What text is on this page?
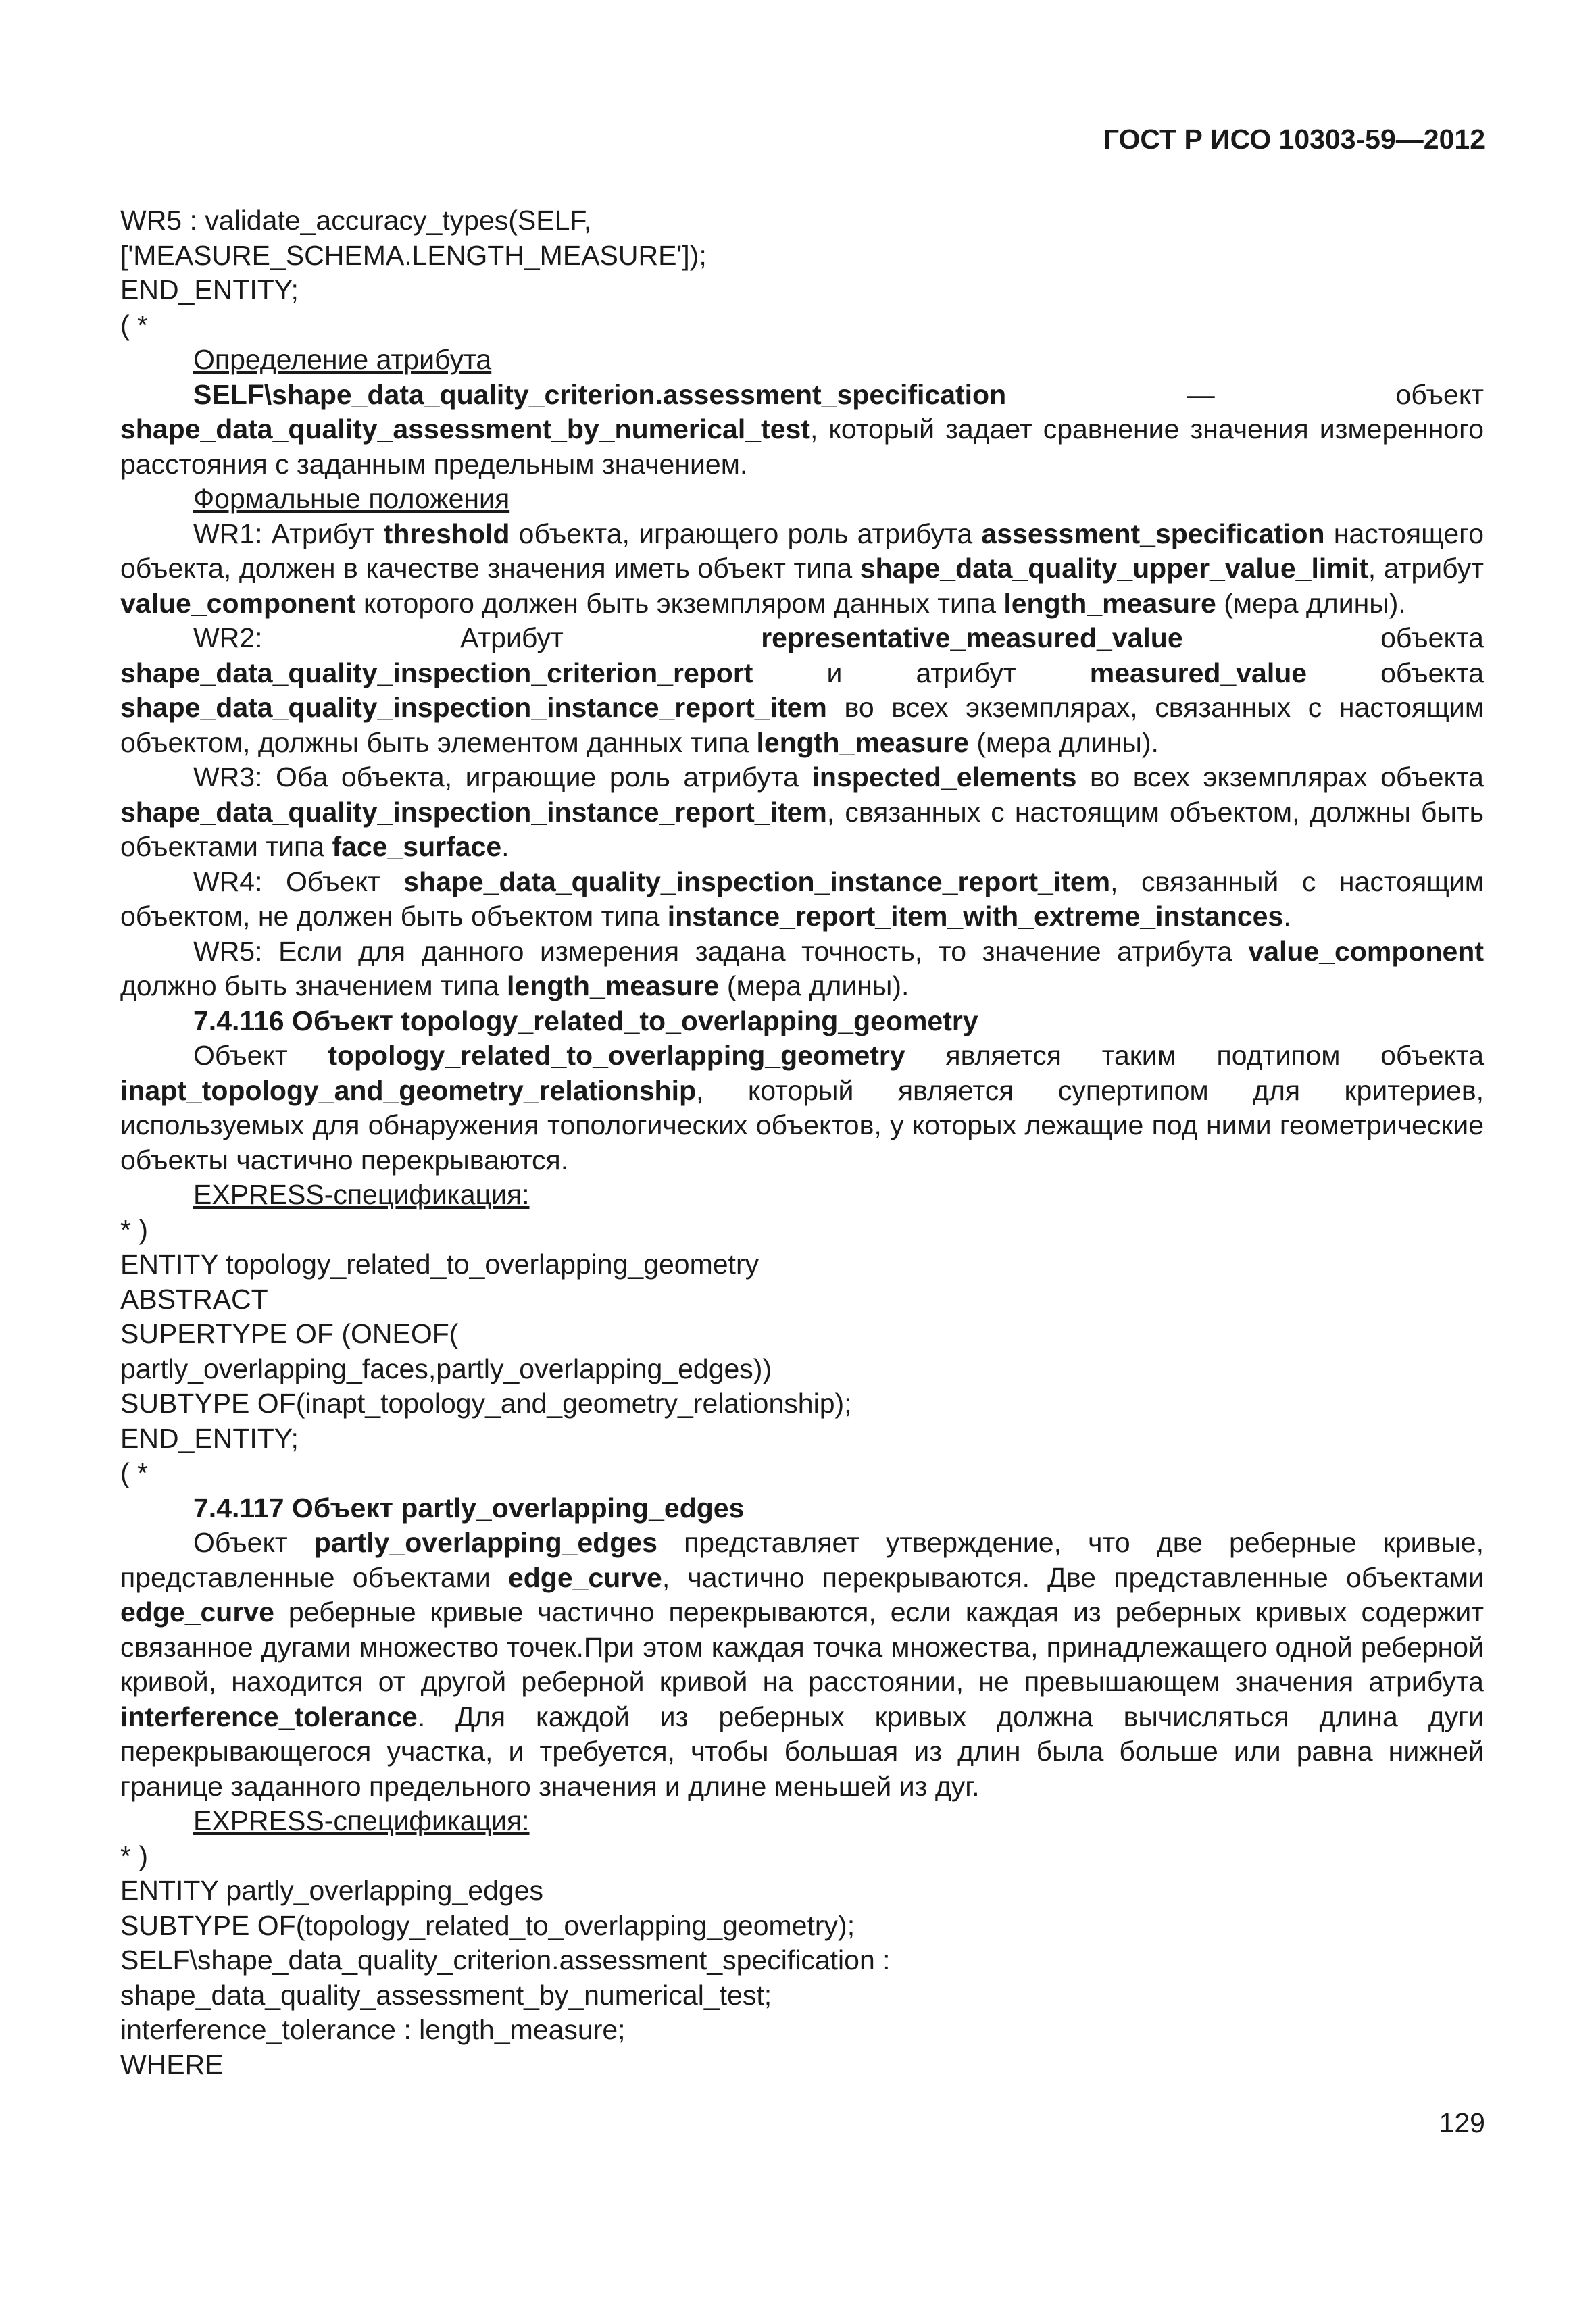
ГОСТ Р ИСО 10303-59—2012
WR5 : validate_accuracy_types(SELF,
['MEASURE_SCHEMA.LENGTH_MEASURE']);
END_ENTITY;
( *
Определение атрибута

SELF\shape_data_quality_criterion.assessment_specification — объект shape_data_quality_assessment_by_numerical_test, который задает сравнение значения измеренного расстояния с заданным предельным значением.

Формальные положения

WR1: Атрибут threshold объекта, играющего роль атрибута assessment_specification настоящего объекта, должен в качестве значения иметь объект типа shape_data_quality_upper_value_limit, атрибут value_component которого должен быть экземпляром данных типа length_measure (мера длины).

WR2: Атрибут representative_measured_value объекта shape_data_quality_inspection_criterion_report и атрибут measured_value объекта shape_data_quality_inspection_instance_report_item во всех экземплярах, связанных с настоящим объектом, должны быть элементом данных типа length_measure (мера длины).

WR3: Оба объекта, играющие роль атрибута inspected_elements во всех экземплярах объекта shape_data_quality_inspection_instance_report_item, связанных с настоящим объектом, должны быть объектами типа face_surface.

WR4: Объект shape_data_quality_inspection_instance_report_item, связанный с настоящим объектом, не должен быть объектом типа instance_report_item_with_extreme_instances.

WR5: Если для данного измерения задана точность, то значение атрибута value_component должно быть значением типа length_measure (мера длины).

7.4.116 Объект topology_related_to_overlapping_geometry

Объект topology_related_to_overlapping_geometry является таким подтипом объекта inapt_topology_and_geometry_relationship, который является супертипом для критериев, используемых для обнаружения топологических объектов, у которых лежащие под ними геометрические объекты частично перекрываются.

EXPRESS-спецификация:
* )
ENTITY topology_related_to_overlapping_geometry
ABSTRACT
SUPERTYPE OF (ONEOF(
partly_overlapping_faces,partly_overlapping_edges))
SUBTYPE OF(inapt_topology_and_geometry_relationship);
END_ENTITY;
( *
7.4.117 Объект partly_overlapping_edges

Объект partly_overlapping_edges представляет утверждение, что две реберные кривые, представленные объектами edge_curve, частично перекрываются. Две представленные объектами edge_curve реберные кривые частично перекрываются, если каждая из реберных кривых содержит связанное дугами множество точек.При этом каждая точка множества, принадлежащего одной реберной кривой, находится от другой реберной кривой на расстоянии, не превышающем значения атрибута interference_tolerance. Для каждой из реберных кривых должна вычисляться длина дуги перекрывающегося участка, и требуется, чтобы большая из длин была больше или равна нижней границе заданного предельного значения и длине меньшей из дуг.

EXPRESS-спецификация:
* )
ENTITY partly_overlapping_edges
SUBTYPE OF(topology_related_to_overlapping_geometry);
SELF\shape_data_quality_criterion.assessment_specification :
shape_data_quality_assessment_by_numerical_test;
interference_tolerance : length_measure;
WHERE
129
